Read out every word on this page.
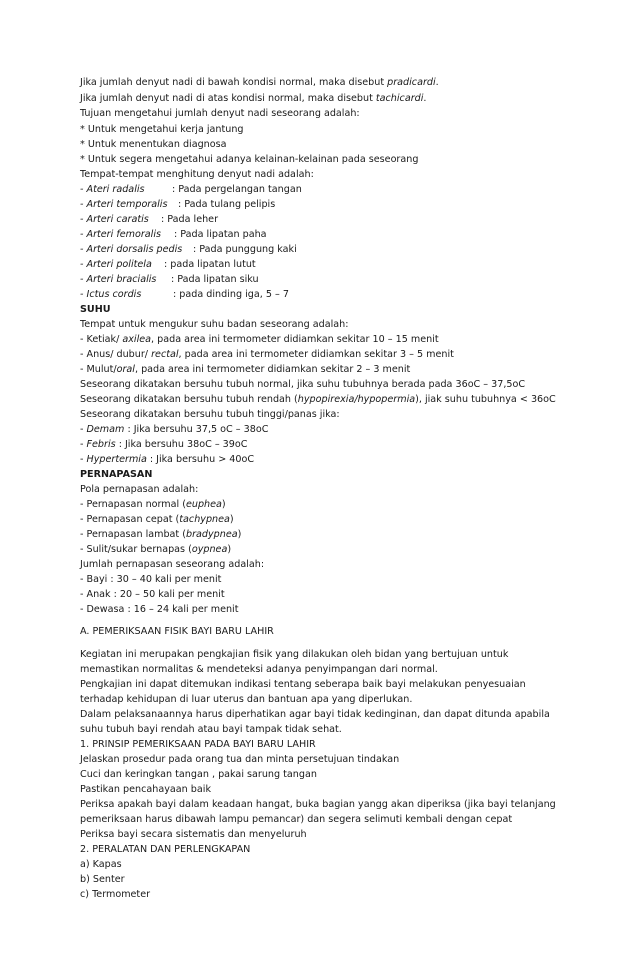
Jika jumlah denyut nadi di bawah kondisi normal, maka disebut pradicardi.
Jika jumlah denyut nadi di atas kondisi normal, maka disebut tachicardi.
Tujuan mengetahui jumlah denyut nadi seseorang adalah:
* Untuk mengetahui kerja jantung
* Untuk menentukan diagnosa
* Untuk segera mengetahui adanya kelainan-kelainan pada seseorang
Tempat-tempat menghitung denyut nadi adalah:
- Ateri radalis	: Pada pergelangan tangan
- Arteri temporalis : Pada tulang pelipis
- Arteri caratis : Pada leher
- Arteri femoralis : Pada lipatan paha
- Arteri dorsalis pedis : Pada punggung kaki
- Arteri politela : pada lipatan lutut
- Arteri bracialis : Pada lipatan siku
- Ictus cordis	: pada dinding iga, 5 – 7
SUHU
Tempat untuk mengukur suhu badan seseorang adalah:
- Ketiak/ axilea, pada area ini termometer didiamkan sekitar 10 – 15 menit
- Anus/ dubur/ rectal, pada area ini termometer didiamkan sekitar 3 – 5 menit
- Mulut/oral, pada area ini termometer didiamkan sekitar 2 – 3 menit
Seseorang dikatakan bersuhu tubuh normal, jika suhu tubuhnya berada pada 36oC – 37,5oC
Seseorang dikatakan bersuhu tubuh rendah (hypopirexia/hypopermia), jiak suhu tubuhnya < 36oC
Seseorang dikatakan bersuhu tubuh tinggi/panas jika:
- Demam : Jika bersuhu 37,5 oC – 38oC
- Febris : Jika bersuhu 38oC – 39oC
- Hypertermia : Jika bersuhu > 40oC
PERNAPASAN
Pola pernapasan adalah:
- Pernapasan normal (euphea)
- Pernapasan cepat (tachypnea)
- Pernapasan lambat (bradypnea)
- Sulit/sukar bernapas (oypnea)
Jumlah pernapasan seseorang adalah:
- Bayi : 30 – 40 kali per menit
- Anak : 20 – 50 kali per menit
- Dewasa : 16 – 24 kali per menit
A. PEMERIKSAAN FISIK BAYI BARU LAHIR
Kegiatan ini merupakan pengkajian fisik yang dilakukan oleh bidan yang bertujuan untuk
memastikan normalitas & mendeteksi adanya penyimpangan dari normal.
Pengkajian ini dapat ditemukan indikasi tentang seberapa baik bayi melakukan penyesuaian
terhadap kehidupan di luar uterus dan bantuan apa yang diperlukan.
Dalam pelaksanaannya harus diperhatikan agar bayi tidak kedinginan, dan dapat ditunda apabila
suhu tubuh bayi rendah atau bayi tampak tidak sehat.
1. PRINSIP PEMERIKSAAN PADA BAYI BARU LAHIR
Jelaskan prosedur pada orang tua dan minta persetujuan tindakan
Cuci dan keringkan tangan , pakai sarung tangan
Pastikan pencahayaan baik
Periksa apakah bayi dalam keadaan hangat, buka bagian yangg akan diperiksa (jika bayi telanjang
pemeriksaan harus dibawah lampu pemancar) dan segera selimuti kembali dengan cepat
Periksa bayi secara sistematis dan menyeluruh
2. PERALATAN DAN PERLENGKAPAN
a) Kapas
b) Senter
c) Termometer
